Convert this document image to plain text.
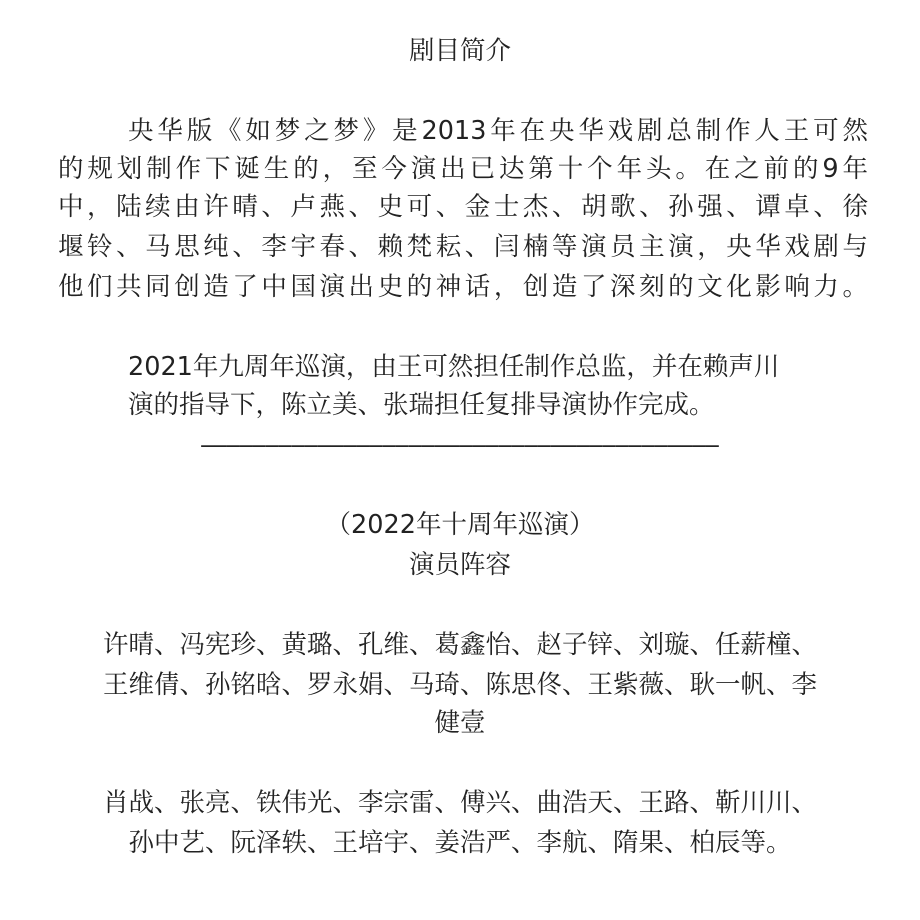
剧目简介
央华版《如梦之梦》是2013年在央华戏剧总制作人王可然
的规划制作下诞生的，至今演出已达第十个年头。在之前的9年
中，陆续由许晴、卢燕、史可、金士杰、胡歌、孙强、谭卓、徐
堰铃、马思纯、李宇春、赖梵耘、闫楠等演员主演，央华戏剧与
他们共同创造了中国演出史的神话，创造了深刻的文化影响力。
2021年九周年巡演，由王可然担任制作总监，并在赖声川
演的指导下，陈立美、张瑞担任复排导演协作完成。
————————————————————————————————————————
（2022年十周年巡演）
演员阵容
许晴、冯宪珍、黄璐、孔维、葛鑫怡、赵子锌、刘璇、任薪橦、
王维倩、孙铭晗、罗永娟、马琦、陈思佟、王紫薇、耿一帆、李
健壹
肖战、张亮、铁伟光、李宗雷、傅兴、曲浩天、王路、靳川川、
孙中艺、阮泽轶、王培宇、姜浩严、李航、隋果、柏辰等。
